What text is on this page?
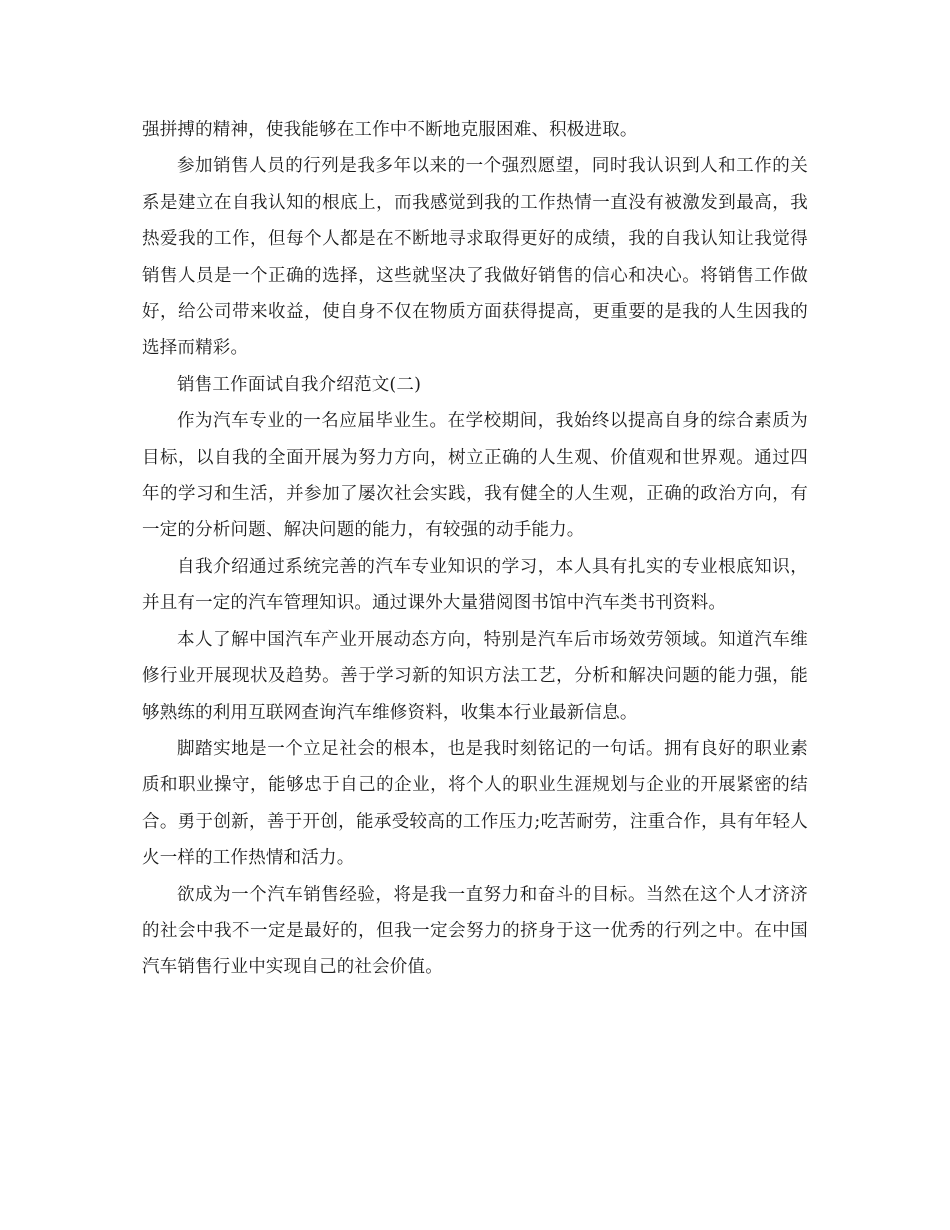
强拼搏的精神，使我能够在工作中不断地克服困难、积极进取。

参加销售人员的行列是我多年以来的一个强烈愿望，同时我认识到人和工作的关系是建立在自我认知的根底上，而我感觉到我的工作热情一直没有被激发到最高，我热爱我的工作，但每个人都是在不断地寻求取得更好的成绩，我的自我认知让我觉得销售人员是一个正确的选择，这些就坚决了我做好销售的信心和决心。将销售工作做好，给公司带来收益，使自身不仅在物质方面获得提高，更重要的是我的人生因我的选择而精彩。

销售工作面试自我介绍范文(二)

作为汽车专业的一名应届毕业生。在学校期间，我始终以提高自身的综合素质为目标，以自我的全面开展为努力方向，树立正确的人生观、价值观和世界观。通过四年的学习和生活，并参加了屡次社会实践，我有健全的人生观，正确的政治方向，有一定的分析问题、解决问题的能力，有较强的动手能力。

自我介绍通过系统完善的汽车专业知识的学习，本人具有扎实的专业根底知识，并且有一定的汽车管理知识。通过课外大量猎阅图书馆中汽车类书刊资料。

本人了解中国汽车产业开展动态方向，特别是汽车后市场效劳领域。知道汽车维修行业开展现状及趋势。善于学习新的知识方法工艺，分析和解决问题的能力强，能够熟练的利用互联网查询汽车维修资料，收集本行业最新信息。

脚踏实地是一个立足社会的根本，也是我时刻铭记的一句话。拥有良好的职业素质和职业操守，能够忠于自己的企业，将个人的职业生涯规划与企业的开展紧密的结合。勇于创新，善于开创，能承受较高的工作压力;吃苦耐劳，注重合作，具有年轻人火一样的工作热情和活力。

欲成为一个汽车销售经验，将是我一直努力和奋斗的目标。当然在这个人才济济的社会中我不一定是最好的，但我一定会努力的挤身于这一优秀的行列之中。在中国汽车销售行业中实现自己的社会价值。
